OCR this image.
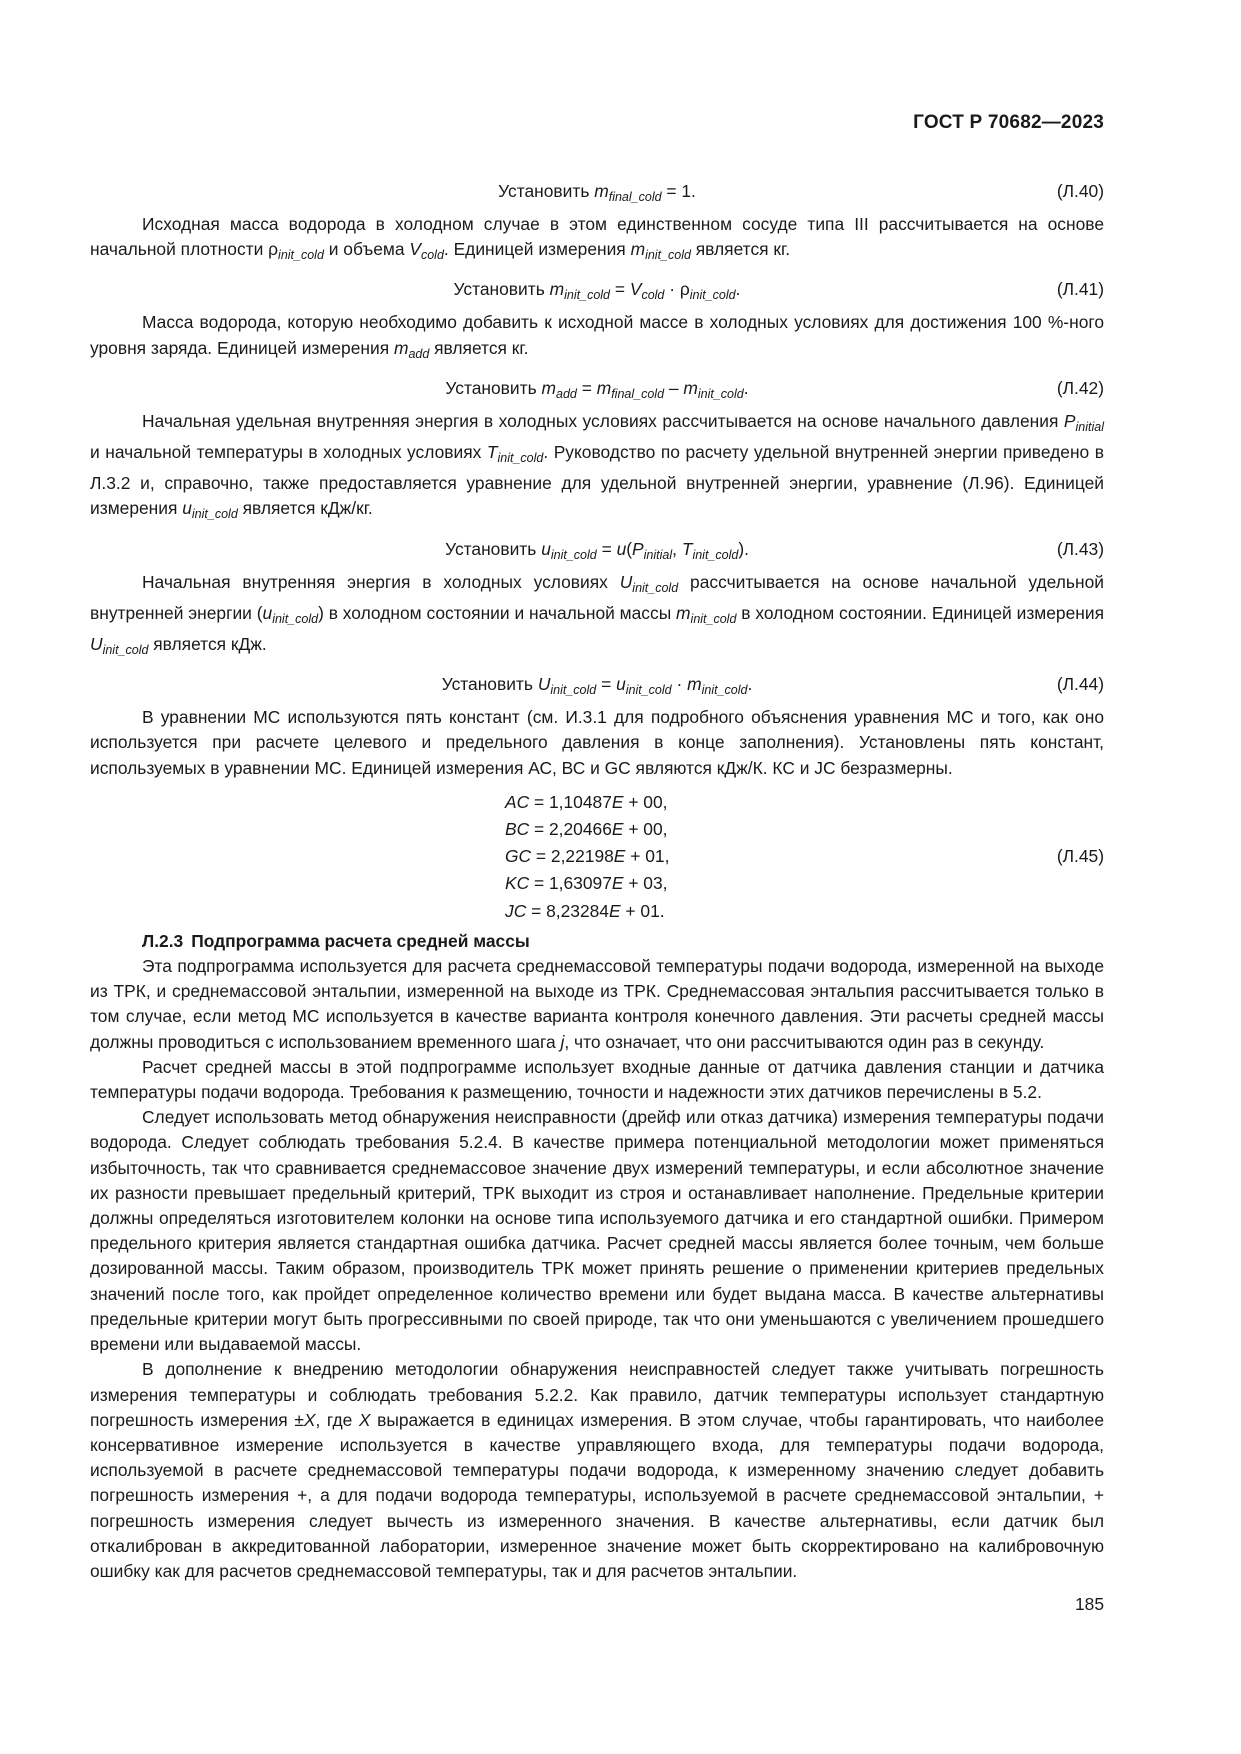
ГОСТ Р 70682—2023
Установить $m_{final\_cold} = 1$.	(Л.40)

Исходная масса водорода в холодном случае в этом единственном сосуде типа III рассчитывается на основе начальной плотности $\rho_{init\_cold}$ и объема $V_{cold}$. Единицей измерения $m_{init\_cold}$ является кг.

Установить $m_{init\_cold} = V_{cold} \cdot \rho_{init\_cold}$.	(Л.41)

Масса водорода, которую необходимо добавить к исходной массе в холодных условиях для достижения 100 %-ного уровня заряда. Единицей измерения $m_{add}$ является кг.

Установить $m_{add} = m_{final\_cold} - m_{init\_cold}$.	(Л.42)

Начальная удельная внутренняя энергия в холодных условиях рассчитывается на основе начального давления $P_{initial}$ и начальной температуры в холодных условиях $T_{init\_cold}$. Руководство по расчету удельной внутренней энергии приведено в Л.3.2 и, справочно, также предоставляется уравнение для удельной внутренней энергии, уравнение (Л.96). Единицей измерения $u_{init\_cold}$ является кДж/кг.

Установить $u_{init\_cold} = u(P_{initial}$, $T_{init\_cold}$).	(Л.43)

Начальная внутренняя энергия в холодных условиях $U_{init\_cold}$ рассчитывается на основе начальной удельной внутренней энергии $(u_{init\_cold})$ в холодном состоянии и начальной массы $m_{init\_cold}$ в холодном состоянии. Единицей измерения $U_{init\_cold}$ является кДж.

Установить $U_{init\_cold} = u_{init\_cold} \cdot m_{init\_cold}$.	(Л.44)

В уравнении МС используются пять констант (см. И.3.1 для подробного объяснения уравнения МС и того, как оно используется при расчете целевого и предельного давления в конце заполнения). Установлены пять констант, используемых в уравнении МС. Единицей измерения АС, ВС и GC являются кДж/К. КС и JC безразмерны.

AC = 1,10487E + 00,
BC = 2,20466E + 00,
GC = 2,22198E + 01,
KC = 1,63097E + 03,
JC = 8,23284E + 01.
(Л.45)
Л.2.3 Подпрограмма расчета средней массы

Эта подпрограмма используется для расчета среднемассовой температуры подачи водорода, измеренной на выходе из ТРК, и среднемассовой энтальпии, измеренной на выходе из ТРК. Среднемассовая энтальпия рассчитывается только в том случае, если метод МС используется в качестве варианта контроля конечного давления. Эти расчеты средней массы должны проводиться с использованием временного шага j, что означает, что они рассчитываются один раз в секунду.

Расчет средней массы в этой подпрограмме использует входные данные от датчика давления станции и датчика температуры подачи водорода. Требования к размещению, точности и надежности этих датчиков перечислены в 5.2.

Следует использовать метод обнаружения неисправности (дрейф или отказ датчика) измерения температуры подачи водорода. Следует соблюдать требования 5.2.4. В качестве примера потенциальной методологии может применяться избыточность, так что сравнивается среднемассовое значение двух измерений температуры, и если абсолютное значение их разности превышает предельный критерий, ТРК выходит из строя и останавливает наполнение. Предельные критерии должны определяться изготовителем колонки на основе типа используемого датчика и его стандартной ошибки. Примером предельного критерия является стандартная ошибка датчика. Расчет средней массы является более точным, чем больше дозированной массы. Таким образом, производитель ТРК может принять решение о применении критериев предельных значений после того, как пройдет определенное количество времени или будет выдана масса. В качестве альтернативы предельные критерии могут быть прогрессивными по своей природе, так что они уменьшаются с увеличением прошедшего времени или выдаваемой массы.

В дополнение к внедрению методологии обнаружения неисправностей следует также учитывать погрешность измерения температуры и соблюдать требования 5.2.2. Как правило, датчик температуры использует стандартную погрешность измерения ±X, где X выражается в единицах измерения. В этом случае, чтобы гарантировать, что наиболее консервативное измерение используется в качестве управляющего входа, для температуры подачи водорода, используемой в расчете среднемассовой температуры подачи водорода, к измеренному значению следует добавить погрешность измерения +, а для подачи водорода температуры, используемой в расчете среднемассовой энтальпии, + погрешность измерения следует вычесть из измеренного значения. В качестве альтернативы, если датчик был откалиброван в аккредитованной лаборатории, измеренное значение может быть скорректировано на калибровочную ошибку как для расчетов среднемассовой температуры, так и для расчетов энтальпии.

185
